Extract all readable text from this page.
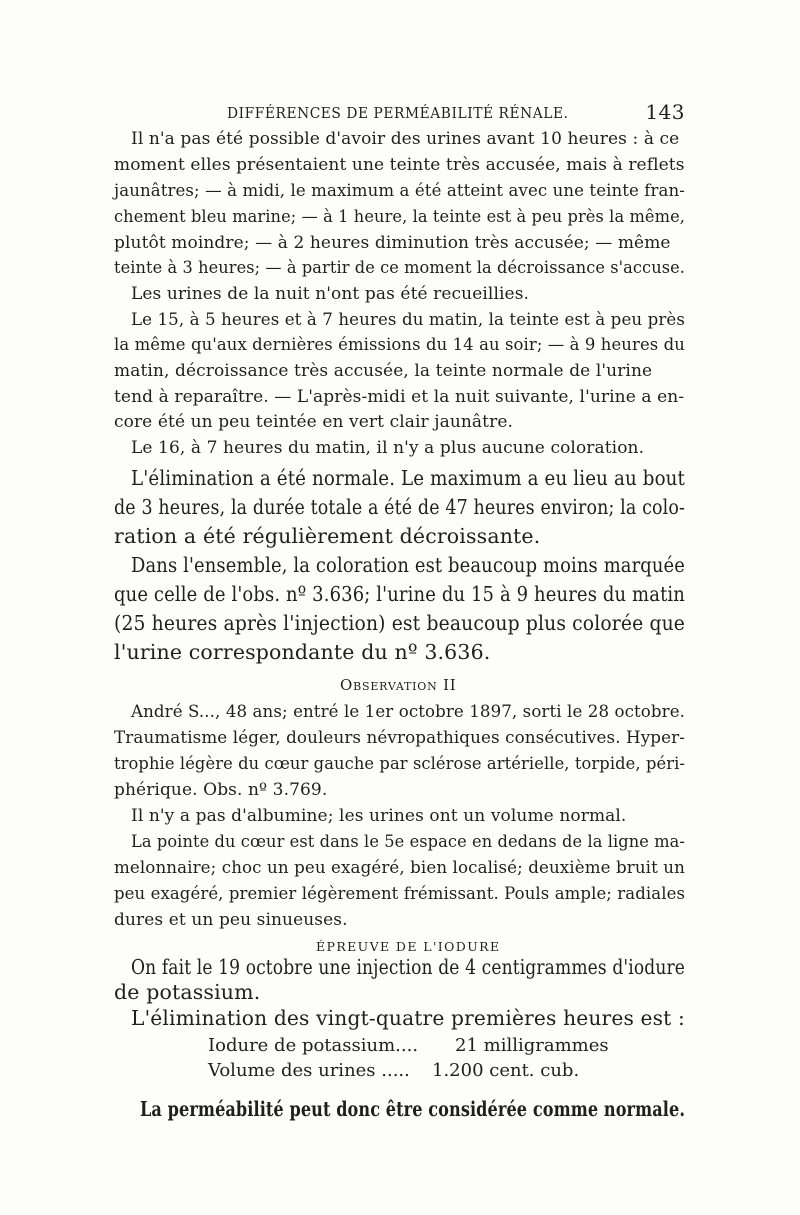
DIFFÉRENCES DE PERMÉABILITÉ RÉNALE.	143
Il n'a pas été possible d'avoir des urines avant 10 heures : à ce
moment elles présentaient une teinte très accusée, mais à reflets
jaunâtres; — à midi, le maximum a été atteint avec une teinte fran-
chement bleu marine; — à 1 heure, la teinte est à peu près la même,
plutôt moindre; — à 2 heures diminution très accusée; — même
teinte à 3 heures; — à partir de ce moment la décroissance s'accuse.
Les urines de la nuit n'ont pas été recueillies.
Le 15, à 5 heures et à 7 heures du matin, la teinte est à peu près
la même qu'aux dernières émissions du 14 au soir; — à 9 heures du
matin, décroissance très accusée, la teinte normale de l'urine
tend à reparaître. — L'après-midi et la nuit suivante, l'urine a en-
core été un peu teintée en vert clair jaunâtre.
Le 16, à 7 heures du matin, il n'y a plus aucune coloration.
L'élimination a été normale. Le maximum a eu lieu au bout
de 3 heures, la durée totale a été de 47 heures environ; la colo-
ration a été régulièrement décroissante.
Dans l'ensemble, la coloration est beaucoup moins marquée
que celle de l'obs. nº 3.636; l'urine du 15 à 9 heures du matin
(25 heures après l'injection) est beaucoup plus colorée que
l'urine correspondante du nº 3.636.
Observation II
André S..., 48 ans; entré le 1er octobre 1897, sorti le 28 octobre.
Traumatisme léger, douleurs névropathiques consécutives. Hyper-
trophie légère du cœur gauche par sclérose artérielle, torpide, péri-
phérique. Obs. nº 3.769.
Il n'y a pas d'albumine; les urines ont un volume normal.
La pointe du cœur est dans le 5e espace en dedans de la ligne ma-
melonnaire; choc un peu exagéré, bien localisé; deuxième bruit un
peu exagéré, premier légèrement frémissant. Pouls ample; radiales
dures et un peu sinueuses.
ÉPREUVE DE L'IODURE
On fait le 19 octobre une injection de 4 centigrammes d'iodure
de potassium.
L'élimination des vingt-quatre premières heures est :
Iodure de potassium.... 21 milligrammes
Volume des urines ..... 1.200 cent. cub.
La perméabilité peut donc être considérée comme normale.
